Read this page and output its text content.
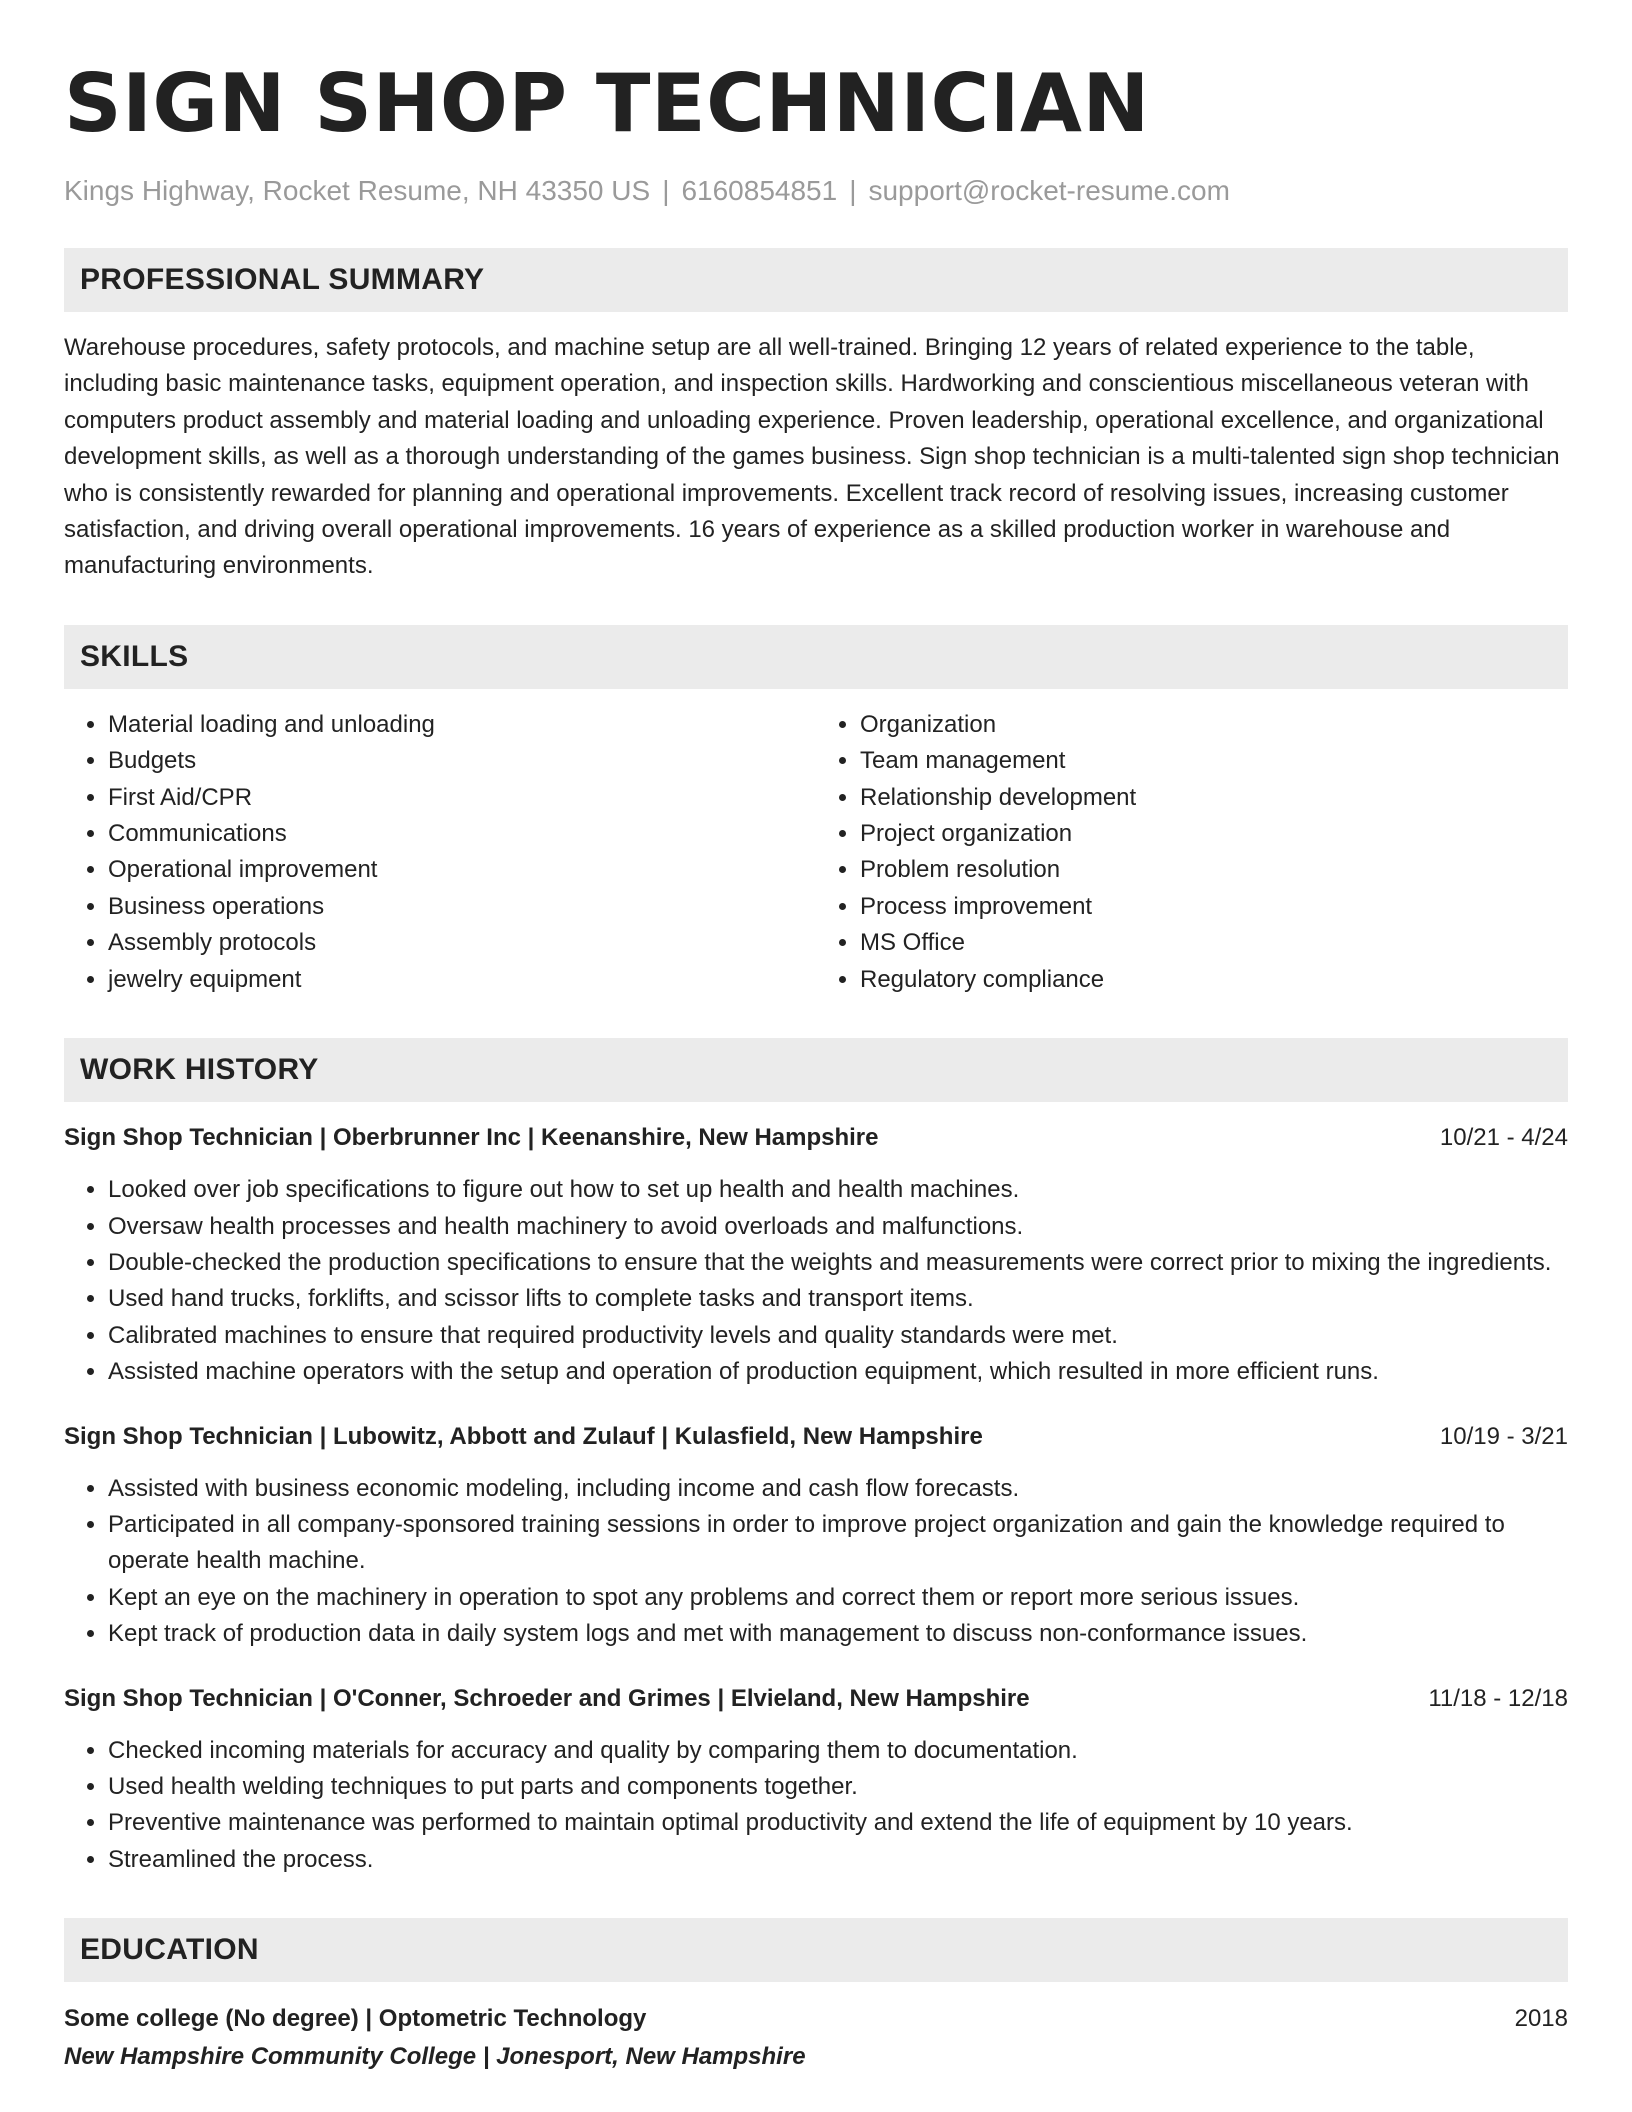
SIGN SHOP TECHNICIAN
Kings Highway, Rocket Resume, NH 43350 US | 6160854851 | support@rocket-resume.com
PROFESSIONAL SUMMARY

Warehouse procedures, safety protocols, and machine setup are all well-trained. Bringing 12 years of related experience to the table, including basic maintenance tasks, equipment operation, and inspection skills. Hardworking and conscientious miscellaneous veteran with computers product assembly and material loading and unloading experience. Proven leadership, operational excellence, and organizational development skills, as well as a thorough understanding of the games business. Sign shop technician is a multi-talented sign shop technician who is consistently rewarded for planning and operational improvements. Excellent track record of resolving issues, increasing customer satisfaction, and driving overall operational improvements. 16 years of experience as a skilled production worker in warehouse and manufacturing environments.

SKILLS
• Material loading and unloading
• Budgets
• First Aid/CPR
• Communications
• Operational improvement
• Business operations
• Assembly protocols
• jewelry equipment
• Organization
• Team management
• Relationship development
• Project organization
• Problem resolution
• Process improvement
• MS Office
• Regulatory compliance
WORK HISTORY
Sign Shop Technician | Oberbrunner Inc | Keenanshire, New Hampshire	10/21 - 4/24
• Looked over job specifications to figure out how to set up health and health machines.
• Oversaw health processes and health machinery to avoid overloads and malfunctions.
• Double-checked the production specifications to ensure that the weights and measurements were correct prior to mixing the ingredients.
• Used hand trucks, forklifts, and scissor lifts to complete tasks and transport items.
• Calibrated machines to ensure that required productivity levels and quality standards were met.
• Assisted machine operators with the setup and operation of production equipment, which resulted in more efficient runs.
Sign Shop Technician | Lubowitz, Abbott and Zulauf | Kulasfield, New Hampshire	10/19 - 3/21
• Assisted with business economic modeling, including income and cash flow forecasts.
• Participated in all company-sponsored training sessions in order to improve project organization and gain the knowledge required to operate health machine.
• Kept an eye on the machinery in operation to spot any problems and correct them or report more serious issues.
• Kept track of production data in daily system logs and met with management to discuss non-conformance issues.
Sign Shop Technician | O'Conner, Schroeder and Grimes | Elvieland, New Hampshire	11/18 - 12/18
• Checked incoming materials for accuracy and quality by comparing them to documentation.
• Used health welding techniques to put parts and components together.
• Preventive maintenance was performed to maintain optimal productivity and extend the life of equipment by 10 years.
• Streamlined the process.
EDUCATION
Some college (No degree) | Optometric Technology	2018
New Hampshire Community College | Jonesport, New Hampshire
